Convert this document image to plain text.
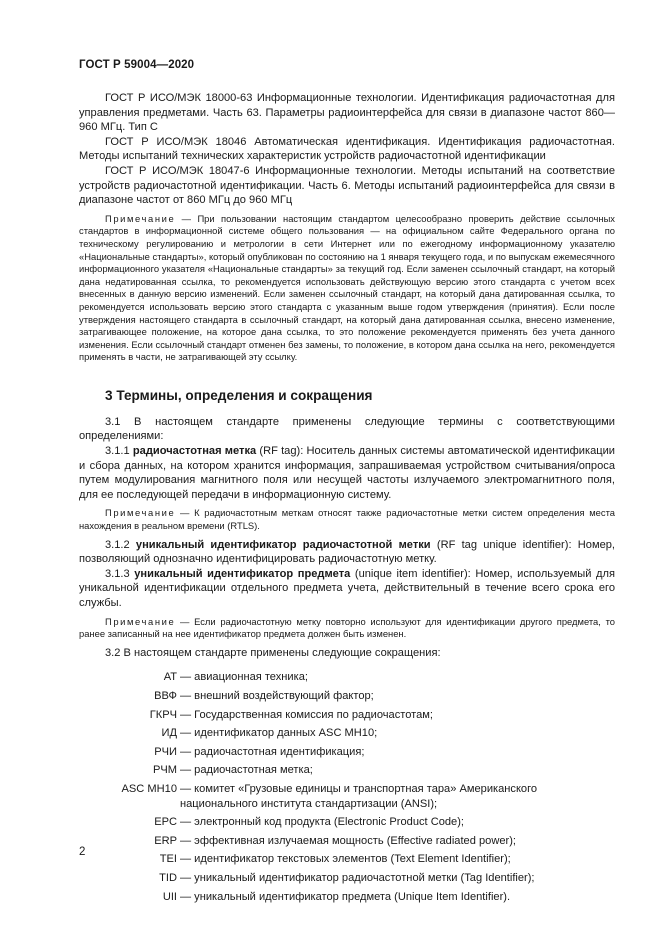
ГОСТ Р 59004—2020

ГОСТ Р ИСО/МЭК 18000-63 Информационные технологии. Идентификация радиочастотная для управления предметами. Часть 63. Параметры радиоинтерфейса для связи в диапазоне частот 860—960 МГц. Тип С

ГОСТ Р ИСО/МЭК 18046 Автоматическая идентификация. Идентификация радиочастотная. Методы испытаний технических характеристик устройств радиочастотной идентификации

ГОСТ Р ИСО/МЭК 18047-6 Информационные технологии. Методы испытаний на соответствие устройств радиочастотной идентификации. Часть 6. Методы испытаний радиоинтерфейса для связи в диапазоне частот от 860 МГц до 960 МГц

Примечание — При пользовании настоящим стандартом целесообразно проверить действие ссылочных стандартов в информационной системе общего пользования — на официальном сайте Федерального органа по техническому регулированию и метрологии в сети Интернет или по ежегодному информационному указателю «Национальные стандарты», который опубликован по состоянию на 1 января текущего года, и по выпускам ежемесячного информационного указателя «Национальные стандарты» за текущий год. Если заменен ссылочный стандарт, на который дана недатированная ссылка, то рекомендуется использовать действующую версию этого стандарта с учетом всех внесенных в данную версию изменений. Если заменен ссылочный стандарт, на который дана датированная ссылка, то рекомендуется использовать версию этого стандарта с указанным выше годом утверждения (принятия). Если после утверждения настоящего стандарта в ссылочный стандарт, на который дана датированная ссылка, внесено изменение, затрагивающее положение, на которое дана ссылка, то это положение рекомендуется применять без учета данного изменения. Если ссылочный стандарт отменен без замены, то положение, в котором дана ссылка на него, рекомендуется применять в части, не затрагивающей эту ссылку.

3 Термины, определения и сокращения

3.1 В настоящем стандарте применены следующие термины с соответствующими определениями:

3.1.1 радиочастотная метка (RF tag): Носитель данных системы автоматической идентификации и сбора данных, на котором хранится информация, запрашиваемая устройством считывания/опроса путем модулирования магнитного поля или несущей частоты излучаемого электромагнитного поля, для ее последующей передачи в информационную систему.

Примечание — К радиочастотным меткам относят также радиочастотные метки систем определения места нахождения в реальном времени (RTLS).

3.1.2 уникальный идентификатор радиочастотной метки (RF tag unique identifier): Номер, позволяющий однозначно идентифицировать радиочастотную метку.

3.1.3 уникальный идентификатор предмета (unique item identifier): Номер, используемый для уникальной идентификации отдельного предмета учета, действительный в течение всего срока его службы.

Примечание — Если радиочастотную метку повторно используют для идентификации другого предмета, то ранее записанный на нее идентификатор предмета должен быть изменен.

3.2 В настоящем стандарте применены следующие сокращения:

АТ — авиационная техника;
ВВФ — внешний воздействующий фактор;
ГКРЧ — Государственная комиссия по радиочастотам;
ИД — идентификатор данных ASC MH10;
РЧИ — радиочастотная идентификация;
РЧМ — радиочастотная метка;
ASC MH10 — комитет «Грузовые единицы и транспортная тара» Американского национального института стандартизации (ANSI);
EPC — электронный код продукта (Electronic Product Code);
ERP — эффективная излучаемая мощность (Effective radiated power);
TEI — идентификатор текстовых элементов (Text Element Identifier);
TID — уникальный идентификатор радиочастотной метки (Tag Identifier);
UII — уникальный идентификатор предмета (Unique Item Identifier).
2
